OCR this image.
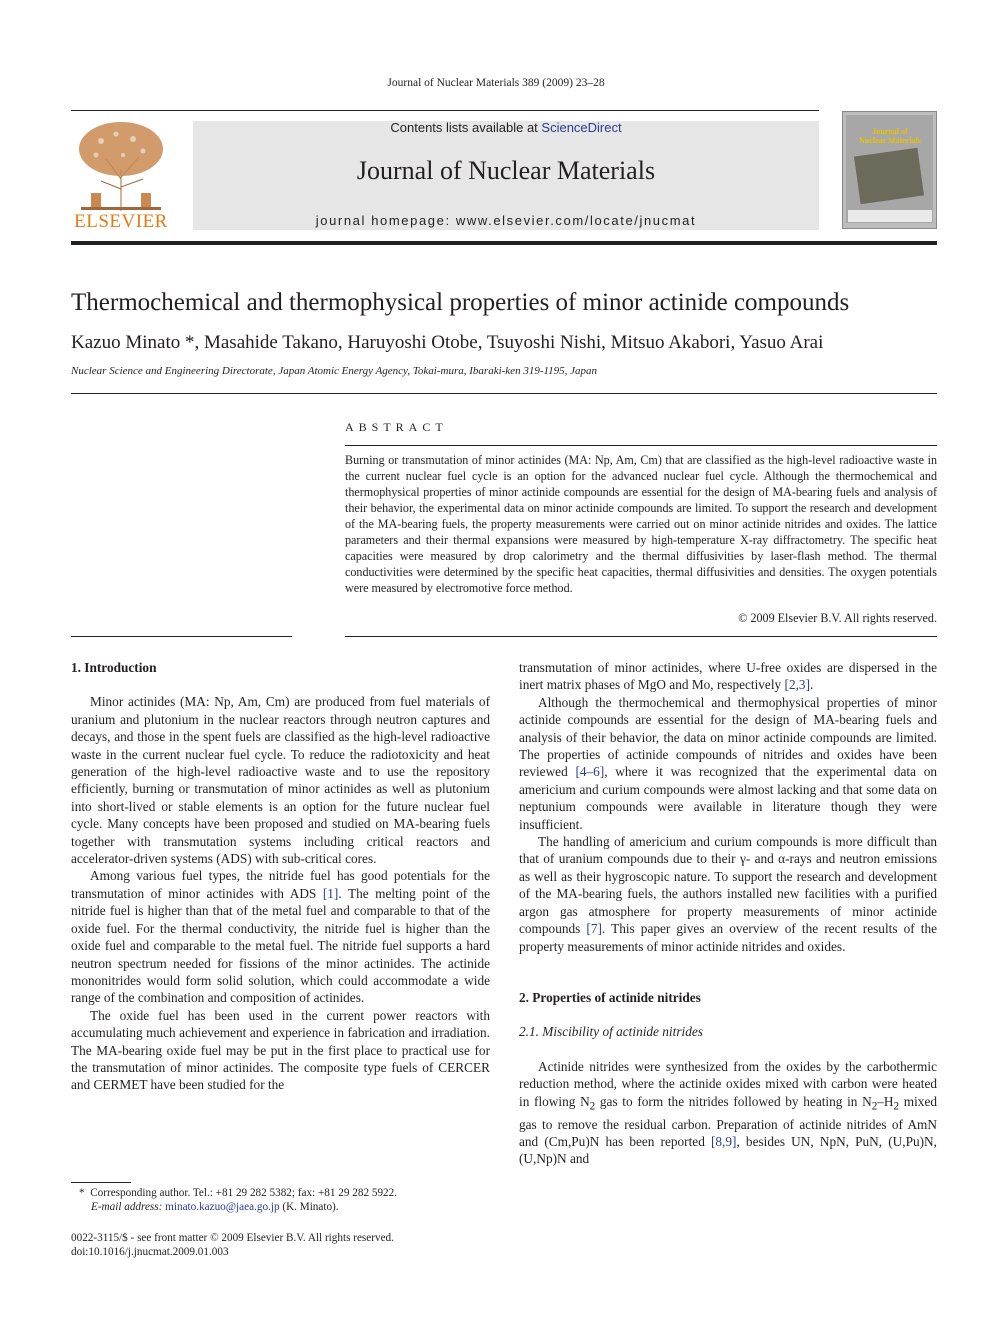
Journal of Nuclear Materials 389 (2009) 23–28
ELSEVIER
Contents lists available at ScienceDirect
Journal of Nuclear Materials
journal homepage: www.elsevier.com/locate/jnucmat
Journal of
Nuclear Materials
Thermochemical and thermophysical properties of minor actinide compounds
Kazuo Minato *, Masahide Takano, Haruyoshi Otobe, Tsuyoshi Nishi, Mitsuo Akabori, Yasuo Arai
Nuclear Science and Engineering Directorate, Japan Atomic Energy Agency, Tokai-mura, Ibaraki-ken 319-1195, Japan
ABSTRACT
Burning or transmutation of minor actinides (MA: Np, Am, Cm) that are classified as the high-level radioactive waste in the current nuclear fuel cycle is an option for the advanced nuclear fuel cycle. Although the thermochemical and thermophysical properties of minor actinide compounds are essential for the design of MA-bearing fuels and analysis of their behavior, the experimental data on minor actinide compounds are limited. To support the research and development of the MA-bearing fuels, the property measurements were carried out on minor actinide nitrides and oxides. The lattice parameters and their thermal expansions were measured by high-temperature X-ray diffractometry. The specific heat capacities were measured by drop calorimetry and the thermal diffusivities by laser-flash method. The thermal conductivities were determined by the specific heat capacities, thermal diffusivities and densities. The oxygen potentials were measured by electromotive force method.
© 2009 Elsevier B.V. All rights reserved.
1. Introduction

Minor actinides (MA: Np, Am, Cm) are produced from fuel materials of uranium and plutonium in the nuclear reactors through neutron captures and decays, and those in the spent fuels are classified as the high-level radioactive waste in the current nuclear fuel cycle. To reduce the radiotoxicity and heat generation of the high-level radioactive waste and to use the repository efficiently, burning or transmutation of minor actinides as well as plutonium into short-lived or stable elements is an option for the future nuclear fuel cycle. Many concepts have been proposed and studied on MA-bearing fuels together with transmutation systems including critical reactors and accelerator-driven systems (ADS) with sub-critical cores.

Among various fuel types, the nitride fuel has good potentials for the transmutation of minor actinides with ADS [1]. The melting point of the nitride fuel is higher than that of the metal fuel and comparable to that of the oxide fuel. For the thermal conductivity, the nitride fuel is higher than the oxide fuel and comparable to the metal fuel. The nitride fuel supports a hard neutron spectrum needed for fissions of the minor actinides. The actinide mononitrides would form solid solution, which could accommodate a wide range of the combination and composition of actinides.

The oxide fuel has been used in the current power reactors with accumulating much achievement and experience in fabrication and irradiation. The MA-bearing oxide fuel may be put in the first place to practical use for the transmutation of minor actinides. The composite type fuels of CERCER and CERMET have been studied for the

transmutation of minor actinides, where U-free oxides are dispersed in the inert matrix phases of MgO and Mo, respectively [2,3].

Although the thermochemical and thermophysical properties of minor actinide compounds are essential for the design of MA-bearing fuels and analysis of their behavior, the data on minor actinide compounds are limited. The properties of actinide compounds of nitrides and oxides have been reviewed [4–6], where it was recognized that the experimental data on americium and curium compounds were almost lacking and that some data on neptunium compounds were available in literature though they were insufficient.

The handling of americium and curium compounds is more difficult than that of uranium compounds due to their γ- and α-rays and neutron emissions as well as their hygroscopic nature. To support the research and development of the MA-bearing fuels, the authors installed new facilities with a purified argon gas atmosphere for property measurements of minor actinide compounds [7]. This paper gives an overview of the recent results of the property measurements of minor actinide nitrides and oxides.

2. Properties of actinide nitrides
2.1. Miscibility of actinide nitrides

Actinide nitrides were synthesized from the oxides by the carbothermic reduction method, where the actinide oxides mixed with carbon were heated in flowing $N_2$ gas to form the nitrides followed by heating in $N_2-H_2$ mixed gas to remove the residual carbon. Preparation of actinide nitrides of AmN and (Cm,Pu)N has been reported [8,9], besides UN, NpN, PuN, (U,Pu)N, (U,Np)N and

* Corresponding author. Tel.: +81 29 282 5382; fax: +81 29 282 5922.
E-mail address: minato.kazuo@jaea.go.jp (K. Minato).
0022-3115/$ - see front matter © 2009 Elsevier B.V. All rights reserved.
doi:10.1016/j.jnucmat.2009.01.003
